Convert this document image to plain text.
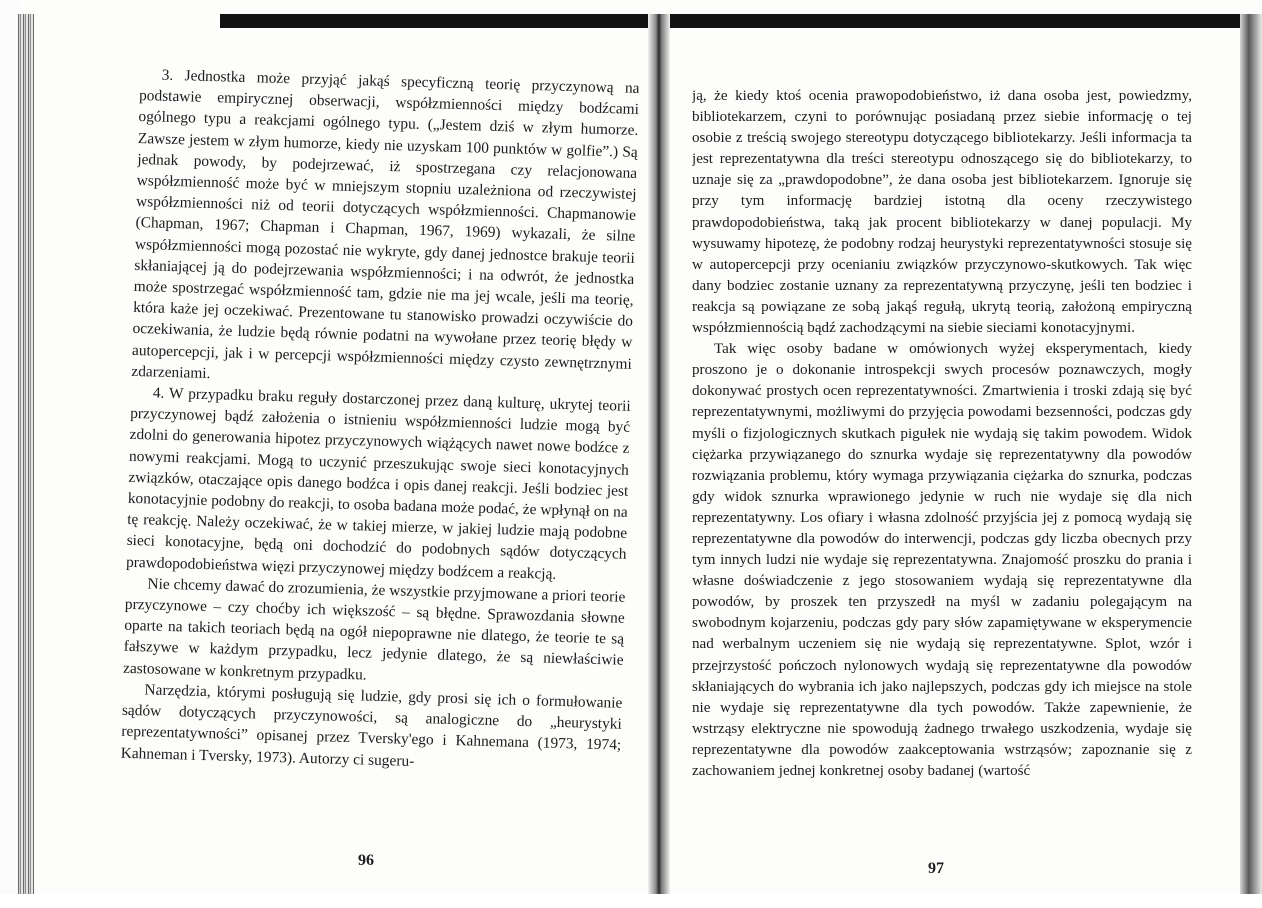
3. Jednostka może przyjąć jakąś specyficzną teorię przyczynową na podstawie empirycznej obserwacji, współzmienności między bodźcami ogólnego typu a reakcjami ogólnego typu. („Jestem dziś w złym humorze. Zawsze jestem w złym humorze, kiedy nie uzyskam 100 punktów w golfie”.) Są jednak powody, by podejrzewać, iż spostrzegana czy relacjonowana współzmienność może być w mniejszym stopniu uzależniona od rzeczywistej współzmienności niż od teorii dotyczących współzmienności. Chapmanowie (Chapman, 1967; Chapman i Chapman, 1967, 1969) wykazali, że silne współzmienności mogą pozostać nie wykryte, gdy danej jednostce brakuje teorii skłaniającej ją do podejrzewania współzmienności; i na odwrót, że jednostka może spostrzegać współzmienność tam, gdzie nie ma jej wcale, jeśli ma teorię, która każe jej oczekiwać. Prezentowane tu stanowisko prowadzi oczywiście do oczekiwania, że ludzie będą równie podatni na wywołane przez teorię błędy w autopercepcji, jak i w percepcji współzmienności między czysto zewnętrznymi zdarzeniami.

4. W przypadku braku reguły dostarczonej przez daną kulturę, ukrytej teorii przyczynowej bądź założenia o istnieniu współzmienności ludzie mogą być zdolni do generowania hipotez przyczynowych wiążących nawet nowe bodźce z nowymi reakcjami. Mogą to uczynić przeszukując swoje sieci konotacyjnych związków, otaczające opis danego bodźca i opis danej reakcji. Jeśli bodziec jest konotacyjnie podobny do reakcji, to osoba badana może podać, że wpłynął on na tę reakcję. Należy oczekiwać, że w takiej mierze, w jakiej ludzie mają podobne sieci konotacyjne, będą oni dochodzić do podobnych sądów dotyczących prawdopodobieństwa więzi przyczynowej między bodźcem a reakcją.

Nie chcemy dawać do zrozumienia, że wszystkie przyjmowane a priori teorie przyczynowe – czy choćby ich większość – są błędne. Sprawozdania słowne oparte na takich teoriach będą na ogół niepoprawne nie dlatego, że teorie te są fałszywe w każdym przypadku, lecz jedynie dlatego, że są niewłaściwie zastosowane w konkretnym przypadku.

Narzędzia, którymi posługują się ludzie, gdy prosi się ich o formułowanie sądów dotyczących przyczynowości, są analogiczne do „heurystyki reprezentatywności” opisanej przez Tversky'ego i Kahnemana (1973, 1974; Kahneman i Tversky, 1973). Autorzy ci sugeru-

96

ją, że kiedy ktoś ocenia prawopodobieństwo, iż dana osoba jest, powiedzmy, bibliotekarzem, czyni to porównując posiadaną przez siebie informację o tej osobie z treścią swojego stereotypu dotyczącego bibliotekarzy. Jeśli informacja ta jest reprezentatywna dla treści stereotypu odnoszącego się do bibliotekarzy, to uznaje się za „prawdopodobne”, że dana osoba jest bibliotekarzem. Ignoruje się przy tym informację bardziej istotną dla oceny rzeczywistego prawdopodobieństwa, taką jak procent bibliotekarzy w danej populacji. My wysuwamy hipotezę, że podobny rodzaj heurystyki reprezentatywności stosuje się w autopercepcji przy ocenianiu związków przyczynowo-skutkowych. Tak więc dany bodziec zostanie uznany za reprezentatywną przyczynę, jeśli ten bodziec i reakcja są powiązane ze sobą jakąś regułą, ukrytą teorią, założoną empiryczną współzmiennością bądź zachodzącymi na siebie sieciami konotacyjnymi.

Tak więc osoby badane w omówionych wyżej eksperymentach, kiedy proszono je o dokonanie introspekcji swych procesów poznawczych, mogły dokonywać prostych ocen reprezentatywności. Zmartwienia i troski zdają się być reprezentatywnymi, możliwymi do przyjęcia powodami bezsenności, podczas gdy myśli o fizjologicznych skutkach pigułek nie wydają się takim powodem. Widok ciężarka przywiązanego do sznurka wydaje się reprezentatywny dla powodów rozwiązania problemu, który wymaga przywiązania ciężarka do sznurka, podczas gdy widok sznurka wprawionego jedynie w ruch nie wydaje się dla nich reprezentatywny. Los ofiary i własna zdolność przyjścia jej z pomocą wydają się reprezentatywne dla powodów do interwencji, podczas gdy liczba obecnych przy tym innych ludzi nie wydaje się reprezentatywna. Znajomość proszku do prania i własne doświadczenie z jego stosowaniem wydają się reprezentatywne dla powodów, by proszek ten przyszedł na myśl w zadaniu polegającym na swobodnym kojarzeniu, podczas gdy pary słów zapamiętywane w eksperymencie nad werbalnym uczeniem się nie wydają się reprezentatywne. Splot, wzór i przejrzystość pończoch nylonowych wydają się reprezentatywne dla powodów skłaniających do wybrania ich jako najlepszych, podczas gdy ich miejsce na stole nie wydaje się reprezentatywne dla tych powodów. Także zapewnienie, że wstrząsy elektryczne nie spowodują żadnego trwałego uszkodzenia, wydaje się reprezentatywne dla powodów zaakceptowania wstrząsów; zapoznanie się z zachowaniem jednej konkretnej osoby badanej (wartość

97
